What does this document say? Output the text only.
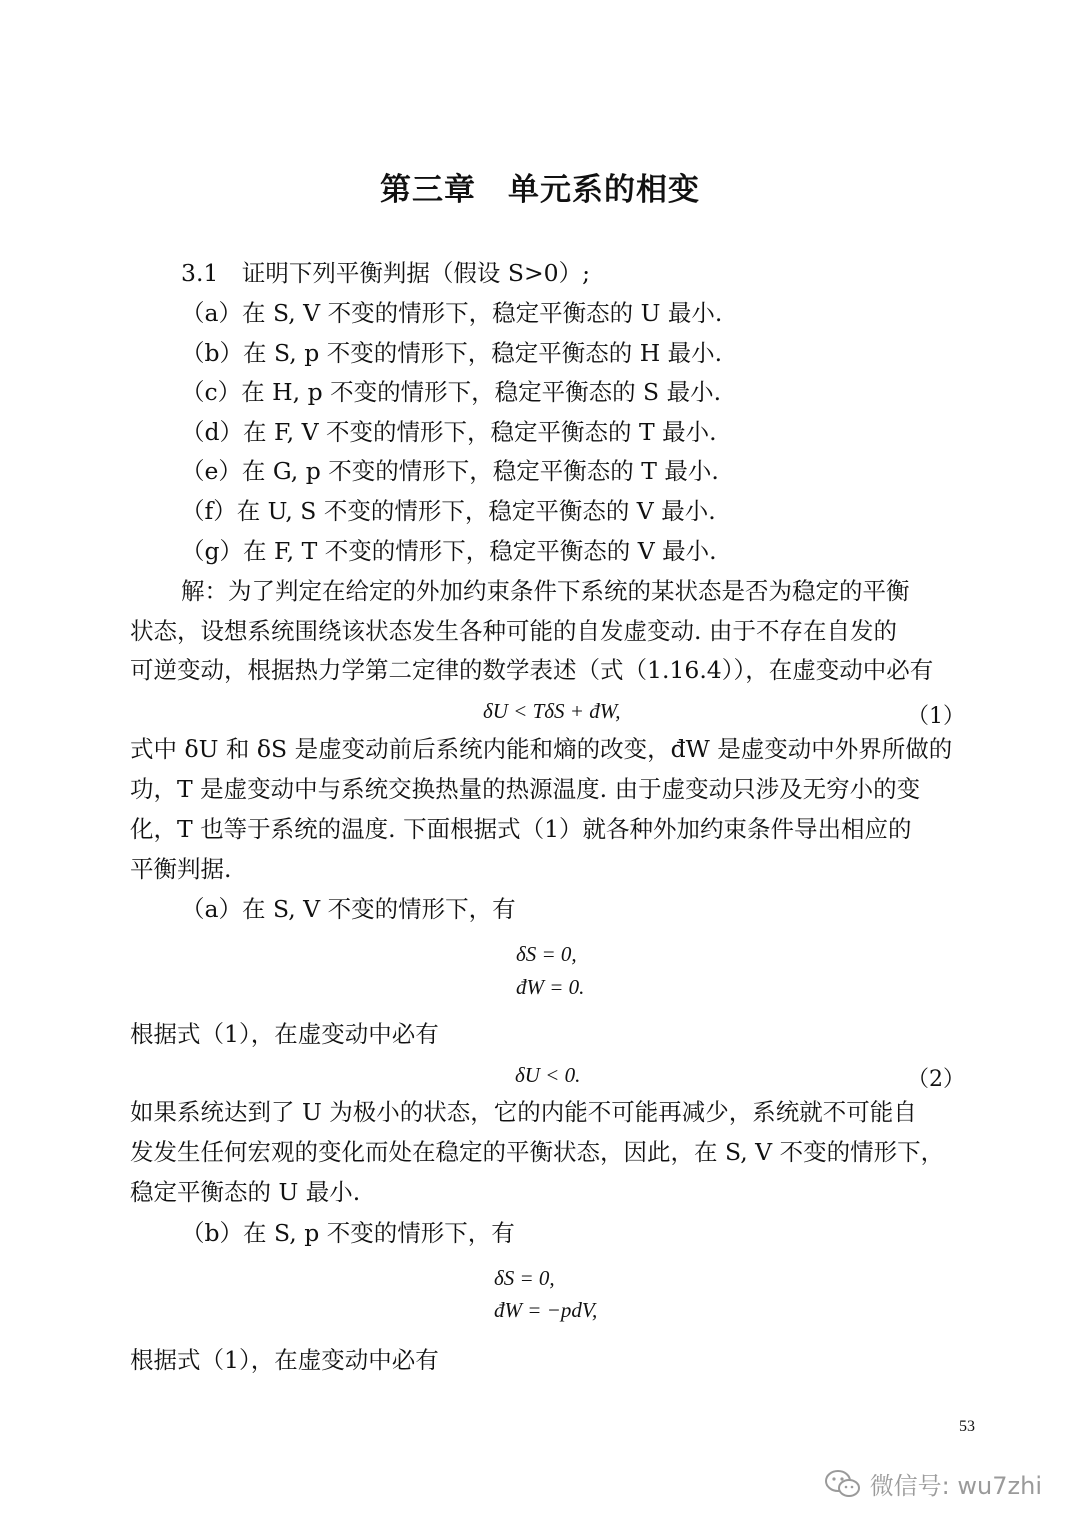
第三章　单元系的相变
3.1　证明下列平衡判据（假设 S>0）;
（a）在 S, V 不变的情形下，稳定平衡态的 U 最小.
（b）在 S, p 不变的情形下，稳定平衡态的 H 最小.
（c）在 H, p 不变的情形下，稳定平衡态的 S 最小.
（d）在 F, V 不变的情形下，稳定平衡态的 T 最小.
（e）在 G, p 不变的情形下，稳定平衡态的 T 最小.
（f）在 U, S 不变的情形下，稳定平衡态的 V 最小.
（g）在 F, T 不变的情形下，稳定平衡态的 V 最小.
解：为了判定在给定的外加约束条件下系统的某状态是否为稳定的平衡
状态，设想系统围绕该状态发生各种可能的自发虚变动. 由于不存在自发的
可逆变动，根据热力学第二定律的数学表述（式（1.16.4）），在虚变动中必有
δU < TδS + đW,	（1）
式中 δU 和 δS 是虚变动前后系统内能和熵的改变，đW 是虚变动中外界所做的
功，T 是虚变动中与系统交换热量的热源温度. 由于虚变动只涉及无穷小的变
化，T 也等于系统的温度. 下面根据式（1）就各种外加约束条件导出相应的
平衡判据.
（a）在 S, V 不变的情形下，有
δS = 0,
đW = 0.
根据式（1），在虚变动中必有
δU < 0.	（2）
如果系统达到了 U 为极小的状态，它的内能不可能再减少，系统就不可能自
发发生任何宏观的变化而处在稳定的平衡状态，因此，在 S, V 不变的情形下，
稳定平衡态的 U 最小.
（b）在 S, p 不变的情形下，有
δS = 0,
đW = −pdV,
根据式（1），在虚变动中必有
53
微信号: wu7zhi
